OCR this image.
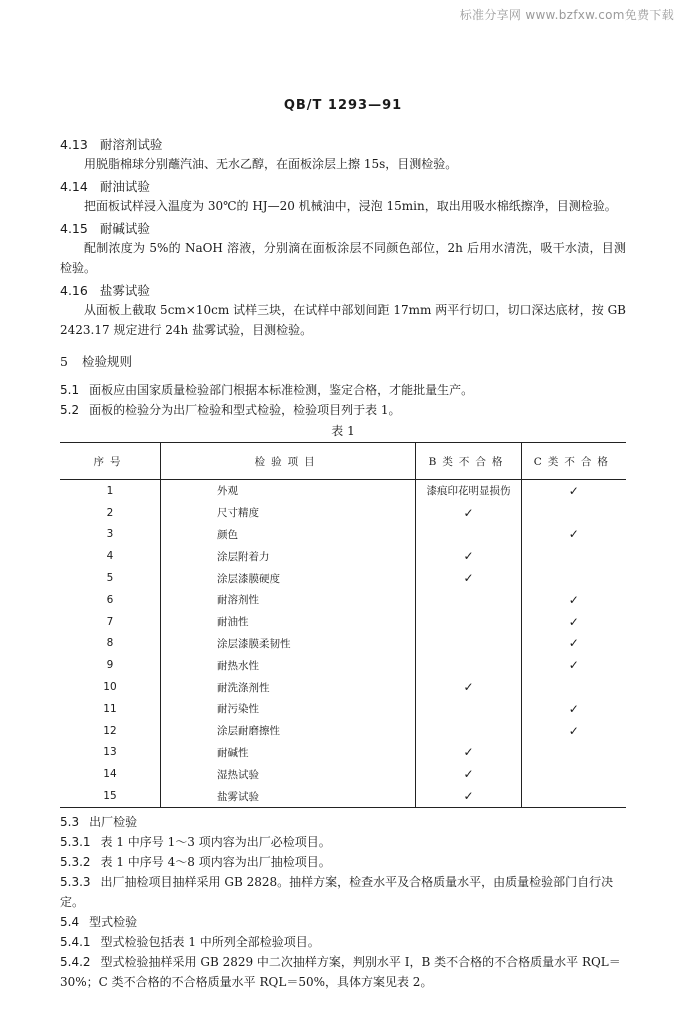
标准分享网 www.bzfxw.com免费下载
QB/T 1293—91
4.13 耐溶剂试验
用脱脂棉球分别蘸汽油、无水乙醇，在面板涂层上擦 15s，目测检验。
4.14 耐油试验
把面板试样浸入温度为 30℃的 HJ—20 机械油中，浸泡 15min，取出用吸水棉纸擦净，目测检验。
4.15 耐碱试验
配制浓度为 5%的 NaOH 溶液，分别滴在面板涂层不同颜色部位，2h 后用水清洗，吸干水渍，目测检验。
4.16 盐雾试验
从面板上截取 5cm×10cm 试样三块，在试样中部划间距 17mm 两平行切口，切口深达底材，按 GB 2423.17 规定进行 24h 盐雾试验，目测检验。
5 检验规则
5.1 面板应由国家质量检验部门根据本标准检测，鉴定合格，才能批量生产。
5.2 面板的检验分为出厂检验和型式检验，检验项目列于表 1。
表 1
序号	检验项目	B类不合格	C类不合格
1	外观	漆痕印花明显损伤	✓
2	尺寸精度	✓	
3	颜色		✓
4	涂层附着力	✓	
5	涂层漆膜硬度	✓	
6	耐溶剂性		✓
7	耐油性		✓
8	涂层漆膜柔韧性		✓
9	耐热水性		✓
10	耐洗涤剂性	✓	
11	耐污染性		✓
12	涂层耐磨擦性		✓
13	耐碱性	✓	
14	湿热试验	✓	
15	盐雾试验	✓	
5.3 出厂检验
5.3.1 表 1 中序号 1～3 项内容为出厂必检项目。
5.3.2 表 1 中序号 4～8 项内容为出厂抽检项目。
5.3.3 出厂抽检项目抽样采用 GB 2828。抽样方案，检查水平及合格质量水平，由质量检验部门自行决定。
5.4 型式检验
5.4.1 型式检验包括表 1 中所列全部检验项目。
5.4.2 型式检验抽样采用 GB 2829 中二次抽样方案，判别水平 Ⅰ，B 类不合格的不合格质量水平 RQL＝30%；C 类不合格的不合格质量水平 RQL＝50%，具体方案见表 2。
